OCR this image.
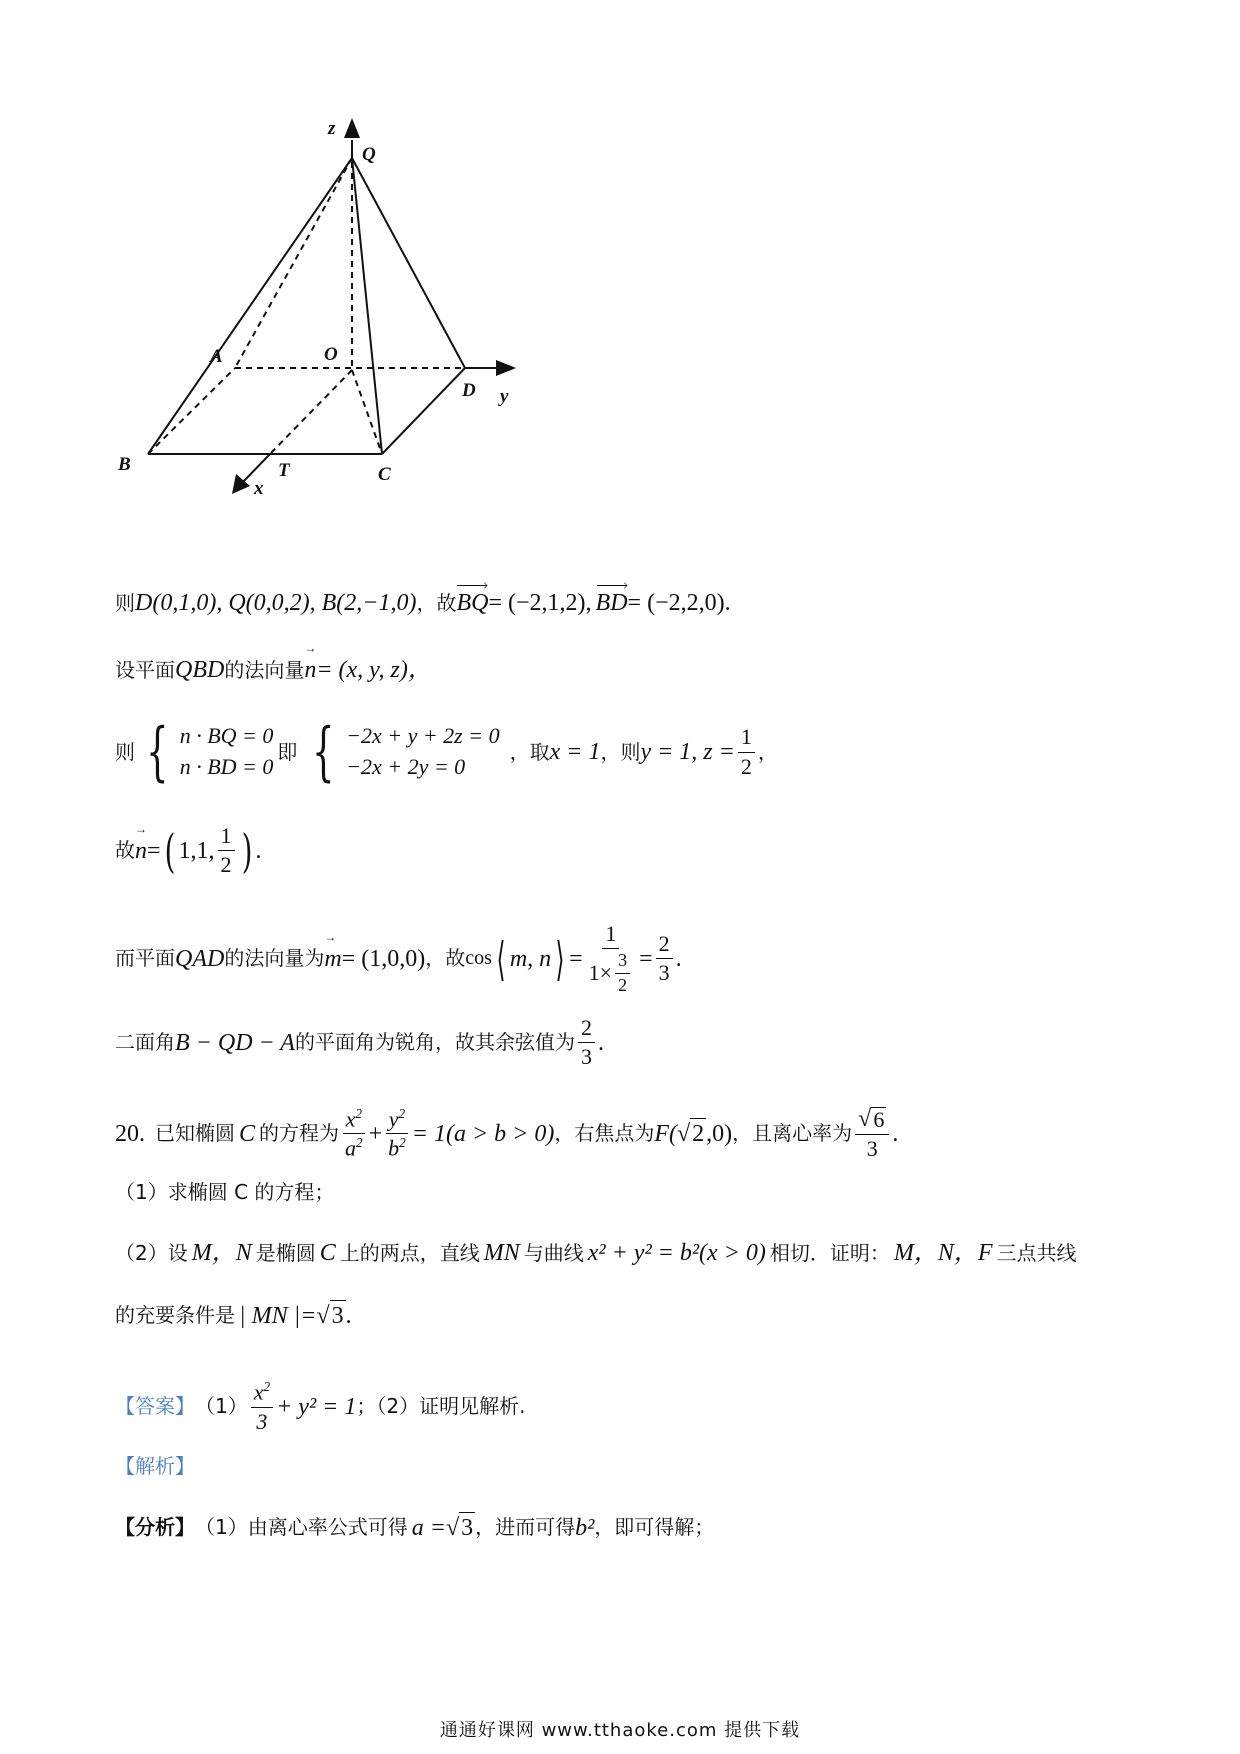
z
Q
A	O
D y
B	T	C
x
则 D(0,1,0), Q(0,0,2), B(2,−1,0) ，故 BQ = (−2,1,2), BD = (−2,2,0).
设平面 QBD 的法向量 → n = (x, y, z)，
则 { n · BQ = 0
n · BD = 0
即 { −2x + y + 2z = 0
−2x + 2y = 0
，取 x = 1 ，则 y = 1, $z = \frac{1}{2}$ ，
故 → n = ( 1,1, $\frac{1}{2}$ ) .
而平面 QAD 的法向量为 → m = (1,0,0) ，故 cos ⟨ m, n ⟩ = $\frac{1}{1\times \frac{3}{2}} = \frac{2}{3}$ .
二面角 B − QD − A 的平面角为锐角，故其余弦值为 $\frac{2}{3}$ .
20. 已知椭圆 C 的方程为 $\frac{x^2}{a^2} + \frac{y^2}{b^2} = 1(a > b > 0)$ ，右焦点为 F( √ 2 ,0) ，且离心率为 $\frac{√ 6}{3}$ .
（1）求椭圆 C 的方程；
（2）设 M，N 是椭圆 C 上的两点，直线 MN 与曲线 x² + y² = b²(x > 0) 相切．证明： M，N，F 三点共线
的充要条件是 | MN |= √ 3 .
【答案】 $(1) \frac{x^2}{3} + y^2 = 1$ ；（2）证明见解析.
【解析】
【分析】 （1）由离心率公式可得 a = √ 3 ，进而可得 b² ，即可得解；
通通好课网 www.tthaoke.com 提供下载
